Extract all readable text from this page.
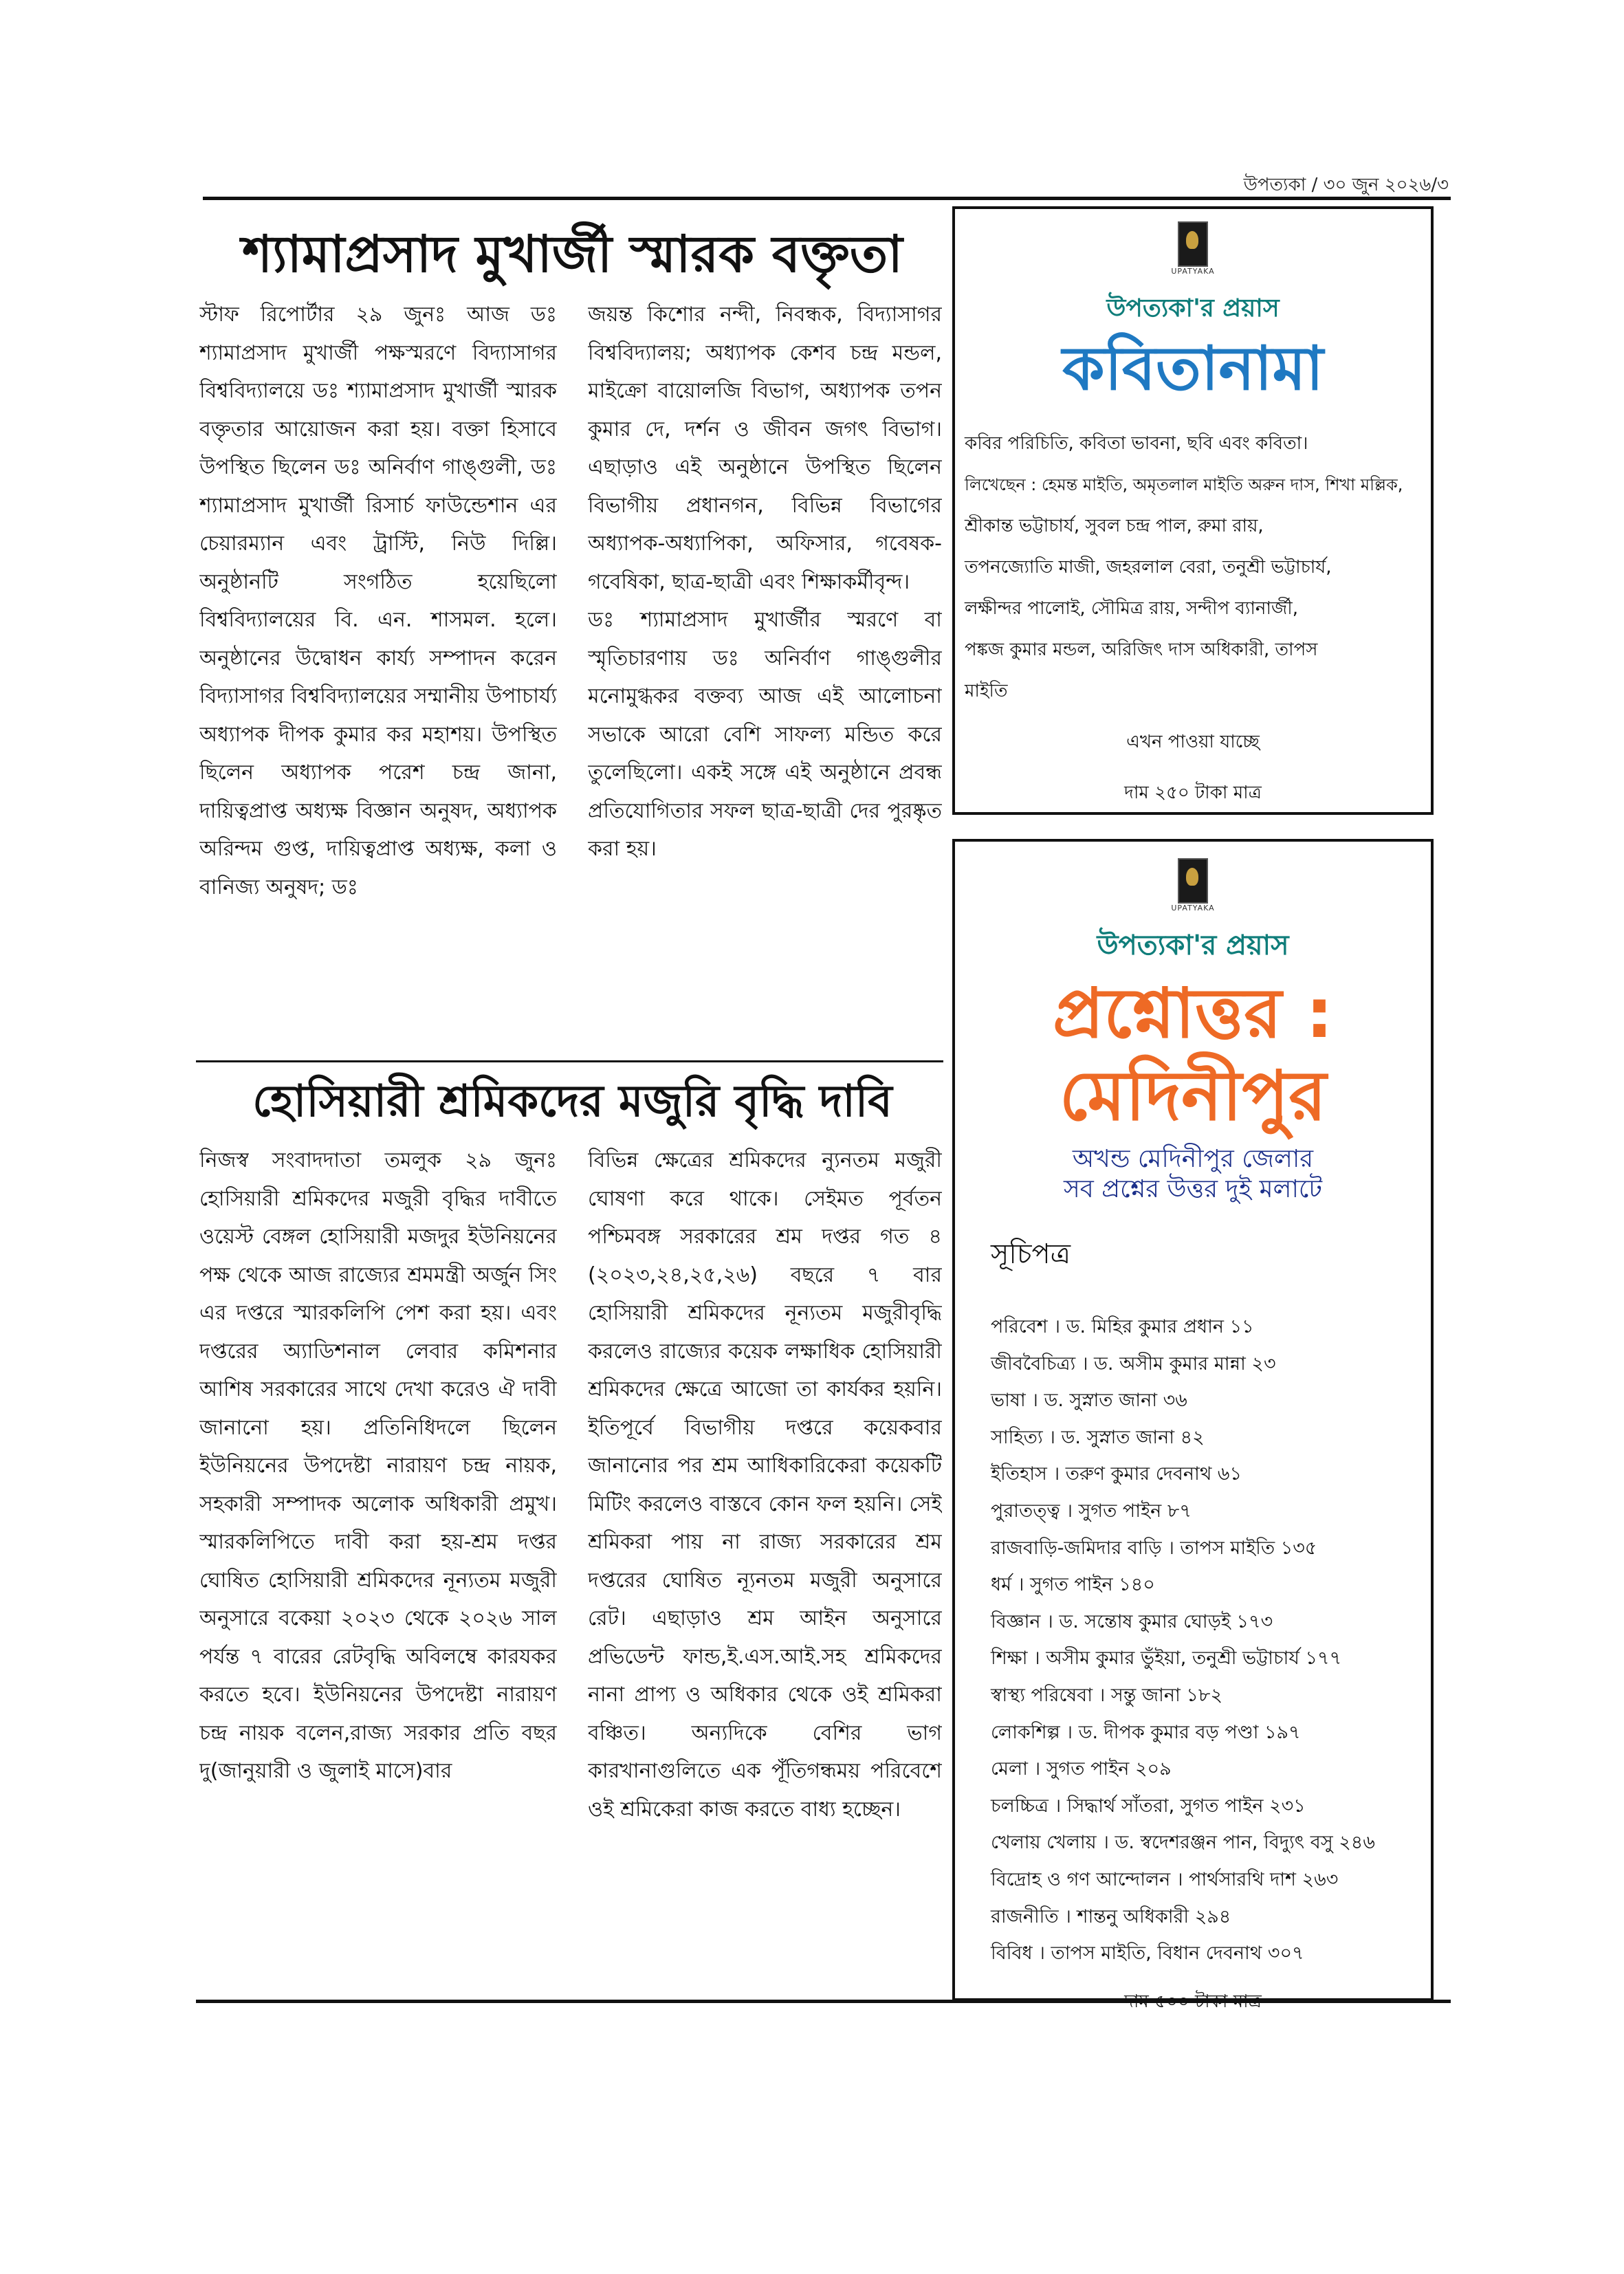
উপত্যকা / ৩০ জুন ২০২৬/৩
শ্যামাপ্রসাদ মুখার্জী স্মারক বক্তৃতা

স্টাফ রিপোর্টার ২৯ জুনঃ আজ ডঃ শ্যামাপ্রসাদ মুখার্জী পক্ষস্মরণে বিদ্যাসাগর বিশ্ববিদ্যালয়ে ডঃ শ্যামাপ্রসাদ মুখার্জী স্মারক বক্তৃতার আয়োজন করা হয়। বক্তা হিসাবে উপস্থিত ছিলেন ডঃ অনির্বাণ গাঙ্গুলী, ডঃ শ্যামাপ্রসাদ মুখার্জী রিসার্চ ফাউন্ডেশান এর চেয়ারম্যান এবং ট্রাস্টি, নিউ দিল্লি। অনুষ্ঠানটি সংগঠিত হয়েছিলো বিশ্ববিদ্যালয়ের বি. এন. শাসমল. হলে। অনুষ্ঠানের উদ্বোধন কার্য্য সম্পাদন করেন বিদ্যাসাগর বিশ্ববিদ্যালয়ের সম্মানীয় উপাচার্য্য অধ্যাপক দীপক কুমার কর মহাশয়। উপস্থিত ছিলেন অধ্যাপক পরেশ চন্দ্র জানা, দায়িত্বপ্রাপ্ত অধ্যক্ষ বিজ্ঞান অনুষদ, অধ্যাপক অরিন্দম গুপ্ত, দায়িত্বপ্রাপ্ত অধ্যক্ষ, কলা ও বানিজ্য অনুষদ; ডঃ

জয়ন্ত কিশোর নন্দী, নিবন্ধক, বিদ্যাসাগর বিশ্ববিদ্যালয়; অধ্যাপক কেশব চন্দ্র মন্ডল, মাইক্রো বায়োলজি বিভাগ, অধ্যাপক তপন কুমার দে, দর্শন ও জীবন জগৎ বিভাগ। এছাড়াও এই অনুষ্ঠানে উপস্থিত ছিলেন বিভাগীয় প্রধানগন, বিভিন্ন বিভাগের অধ্যাপক-অধ্যাপিকা, অফিসার, গবেষক-গবেষিকা, ছাত্র-ছাত্রী এবং শিক্ষাকর্মীবৃন্দ।

ডঃ শ্যামাপ্রসাদ মুখার্জীর স্মরণে বা স্মৃতিচারণায় ডঃ অনির্বাণ গাঙ্গুলীর মনোমুগ্ধকর বক্তব্য আজ এই আলোচনা সভাকে আরো বেশি সাফল্য মন্ডিত করে তুলেছিলো। একই সঙ্গে এই অনুষ্ঠানে প্রবন্ধ প্রতিযোগিতার সফল ছাত্র-ছাত্রী দের পুরষ্কৃত করা হয়।

হোসিয়ারী শ্রমিকদের মজুরি বৃদ্ধি দাবি

নিজস্ব সংবাদদাতা তমলুক ২৯ জুনঃ হোসিয়ারী শ্রমিকদের মজুরী বৃদ্ধির দাবীতে ওয়েস্ট বেঙ্গল হোসিয়ারী মজদুর ইউনিয়নের পক্ষ থেকে আজ রাজ্যের শ্রমমন্ত্রী অর্জুন সিং এর দপ্তরে স্মারকলিপি পেশ করা হয়। এবং দপ্তরের অ্যাডিশনাল লেবার কমিশনার আশিষ সরকারের সাথে দেখা করেও ঐ দাবী জানানো হয়। প্রতিনিধিদলে ছিলেন ইউনিয়নের উপদেষ্টা নারায়ণ চন্দ্র নায়ক, সহকারী সম্পাদক অলোক অধিকারী প্রমুখ। স্মারকলিপিতে দাবী করা হয়-শ্রম দপ্তর ঘোষিত হোসিয়ারী শ্রমিকদের নূন্যতম মজুরী অনুসারে বকেয়া ২০২৩ থেকে ২০২৬ সাল পর্যন্ত ৭ বারের রেটবৃদ্ধি অবিলম্বে কারযকর করতে হবে। ইউনিয়নের উপদেষ্টা নারায়ণ চন্দ্র নায়ক বলেন,রাজ্য সরকার প্রতি বছর দু(জানুয়ারী ও জুলাই মাসে)বার

বিভিন্ন ক্ষেত্রের শ্রমিকদের ন্যুনতম মজুরী ঘোষণা করে থাকে। সেইমত পূর্বতন পশ্চিমবঙ্গ সরকারের শ্রম দপ্তর গত ৪ (২০২৩,২৪,২৫,২৬) বছরে ৭ বার হোসিয়ারী শ্রমিকদের নূন্যতম মজুরীবৃদ্ধি করলেও রাজ্যের কয়েক লক্ষাধিক হোসিয়ারী শ্রমিকদের ক্ষেত্রে আজো তা কার্যকর হয়নি। ইতিপূর্বে বিভাগীয় দপ্তরে কয়েকবার জানানোর পর শ্রম আধিকারিকেরা কয়েকটি মিটিং করলেও বাস্তবে কোন ফল হয়নি। সেই শ্রমিকরা পায় না রাজ্য সরকারের শ্রম দপ্তরের ঘোষিত ন্যূনতম মজুরী অনুসারে রেট। এছাড়াও শ্রম আইন অনুসারে প্রভিডেন্ট ফান্ড,ই.এস.আই.সহ শ্রমিকদের নানা প্রাপ্য ও অধিকার থেকে ওই শ্রমিকরা বঞ্চিত। অন্যদিকে বেশির ভাগ কারখানাগুলিতে এক পূঁতিগন্ধময় পরিবেশে ওই শ্রমিকেরা কাজ করতে বাধ্য হচ্ছেন।

UPATYAKA
উপত্যকা'র প্রয়াস
কবিতানামা
কবির পরিচিতি, কবিতা ভাবনা, ছবি এবং কবিতা।
লিখেছেন : হেমন্ত মাইতি, অমৃতলাল মাইতি অরুন দাস, শিখা মল্লিক,
শ্রীকান্ত ভট্টাচার্য, সুবল চন্দ্র পাল, রুমা রায়,
তপনজ্যোতি মাজী, জহরলাল বেরা, তনুশ্রী ভট্টাচার্য,
লক্ষীন্দর পালোই, সৌমিত্র রায়, সন্দীপ ব্যানার্জী,
পঙ্কজ কুমার মন্ডল, অরিজিৎ দাস অধিকারী, তাপস
মাইতি
এখন পাওয়া যাচ্ছে
দাম ২৫০ টাকা মাত্র
UPATYAKA
উপত্যকা'র প্রয়াস
প্রশ্নোত্তর :
মেদিনীপুর
অখন্ড মেদিনীপুর জেলার
সব প্রশ্নের উত্তর দুই মলাটে
সূচিপত্র
পরিবেশ । ড. মিহির কুমার প্রধান ১১
জীববৈচিত্র্য । ড. অসীম কুমার মান্না ২৩
ভাষা । ড. সুস্নাত জানা ৩৬
সাহিত্য । ড. সুস্নাত জানা ৪২
ইতিহাস । তরুণ কুমার দেবনাথ ৬১
পুরাতত্ত্ব । সুগত পাইন ৮৭
রাজবাড়ি-জমিদার বাড়ি । তাপস মাইতি ১৩৫
ধর্ম । সুগত পাইন ১৪০
বিজ্ঞান । ড. সন্তোষ কুমার ঘোড়ই ১৭৩
শিক্ষা । অসীম কুমার ভুঁইয়া, তনুশ্রী ভট্টাচার্য ১৭৭
স্বাস্থ্য পরিষেবা । সন্তু জানা ১৮২
লোকশিল্প । ড. দীপক কুমার বড় পণ্ডা ১৯৭
মেলা । সুগত পাইন ২০৯
চলচ্চিত্র । সিদ্ধার্থ সাঁতরা, সুগত পাইন ২৩১
খেলায় খেলায় । ড. স্বদেশরঞ্জন পান, বিদ্যুৎ বসু ২৪৬
বিদ্রোহ ও গণ আন্দোলন । পার্থসারথি দাশ ২৬৩
রাজনীতি । শান্তনু অধিকারী ২৯৪
বিবিধ । তাপস মাইতি, বিধান দেবনাথ ৩০৭
দাম ৫০০ টাকা মাত্র
